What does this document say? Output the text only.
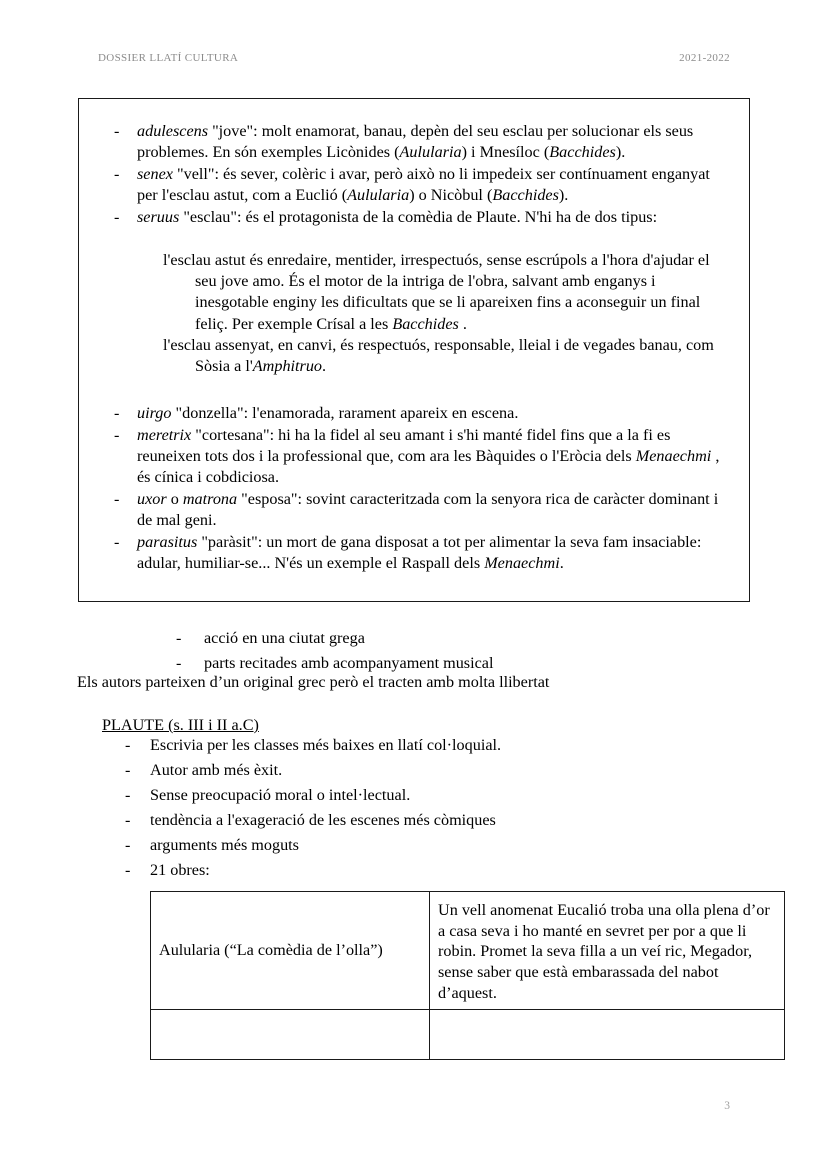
DOSSIER LLATÍ CULTURA	2021-2022
- adulescens "jove": molt enamorat, banau, depèn del seu esclau per solucionar els seus problemes. En són exemples Licònides (Aulularia) i Mnesíloc (Bacchides).
- senex "vell": és sever, colèric i avar, però això no li impedeix ser contínuament enganyat per l'esclau astut, com a Euclió (Aulularia) o Nicòbul (Bacchides).
- seruus "esclau": és el protagonista de la comèdia de Plaute. N'hi ha de dos tipus:

l'esclau astut és enredaire, mentider, irrespectuós, sense escrúpols a l'hora d'ajudar el seu jove amo. És el motor de la intriga de l'obra, salvant amb enganys i inesgotable enginy les dificultats que se li apareixen fins a aconseguir un final feliç. Per exemple Crísal a les Bacchides .

l'esclau assenyat, en canvi, és respectuós, responsable, lleial i de vegades banau, com Sòsia a l'Amphitruo.

- uirgo "donzella": l'enamorada, rarament apareix en escena.
- meretrix "cortesana": hi ha la fidel al seu amant i s'hi manté fidel fins que a la fi es reuneixen tots dos i la professional que, com ara les Bàquides o l'Eròcia dels Menaechmi , és cínica i cobdiciosa.
- uxor o matrona "esposa": sovint caracteritzada com la senyora rica de caràcter dominant i de mal geni.
- parasitus "paràsit": un mort de gana disposat a tot per alimentar la seva fam insaciable: adular, humiliar-se... N'és un exemple el Raspall dels Menaechmi.
- acció en una ciutat grega
- parts recitades amb acompanyament musical
Els autors parteixen d’un original grec però el tracten amb molta llibertat
PLAUTE (s. III i II a.C)
- Escrivia per les classes més baixes en llatí col·loquial.
- Autor amb més èxit.
- Sense preocupació moral o intel·lectual.
- tendència a l'exageració de les escenes més còmiques
- arguments més moguts
- 21 obres:
Aulularia (“La comèdia de l’olla”)	Un vell anomenat Eucalió troba una olla plena d’or a casa seva i ho manté en sevret per por a que li robin. Promet la seva filla a un veí ric, Megador, sense saber que està embarassada del nabot d’aquest.

3
